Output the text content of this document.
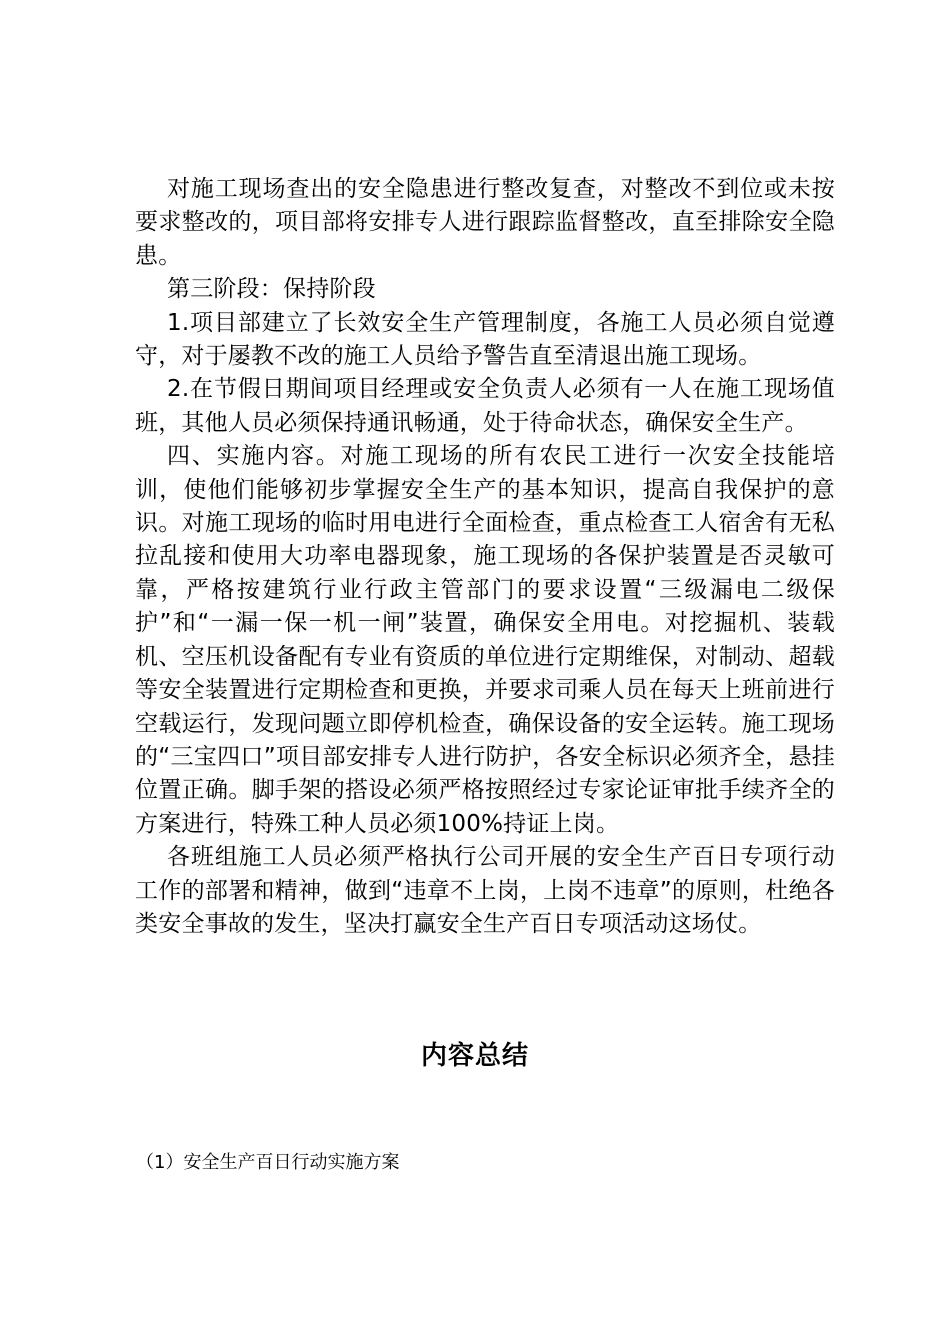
对施工现场查出的安全隐患进行整改复查，对整改不到位或未按要求整改的，项目部将安排专人进行跟踪监督整改，直至排除安全隐患。

第三阶段：保持阶段

1.项目部建立了长效安全生产管理制度，各施工人员必须自觉遵守，对于屡教不改的施工人员给予警告直至清退出施工现场。

2.在节假日期间项目经理或安全负责人必须有一人在施工现场值班，其他人员必须保持通讯畅通，处于待命状态，确保安全生产。

四、实施内容。对施工现场的所有农民工进行一次安全技能培训，使他们能够初步掌握安全生产的基本知识，提高自我保护的意识。对施工现场的临时用电进行全面检查，重点检查工人宿舍有无私拉乱接和使用大功率电器现象，施工现场的各保护装置是否灵敏可靠，严格按建筑行业行政主管部门的要求设置“三级漏电二级保护”和“一漏一保一机一闸”装置，确保安全用电。对挖掘机、装载机、空压机设备配有专业有资质的单位进行定期维保，对制动、超载等安全装置进行定期检查和更换，并要求司乘人员在每天上班前进行空载运行，发现问题立即停机检查，确保设备的安全运转。施工现场的“三宝四口”项目部安排专人进行防护，各安全标识必须齐全，悬挂位置正确。脚手架的搭设必须严格按照经过专家论证审批手续齐全的方案进行，特殊工种人员必须100%持证上岗。

各班组施工人员必须严格执行公司开展的安全生产百日专项行动工作的部署和精神，做到“违章不上岗，上岗不违章”的原则，杜绝各类安全事故的发生，坚决打赢安全生产百日专项活动这场仗。

内容总结

（1）安全生产百日行动实施方案
